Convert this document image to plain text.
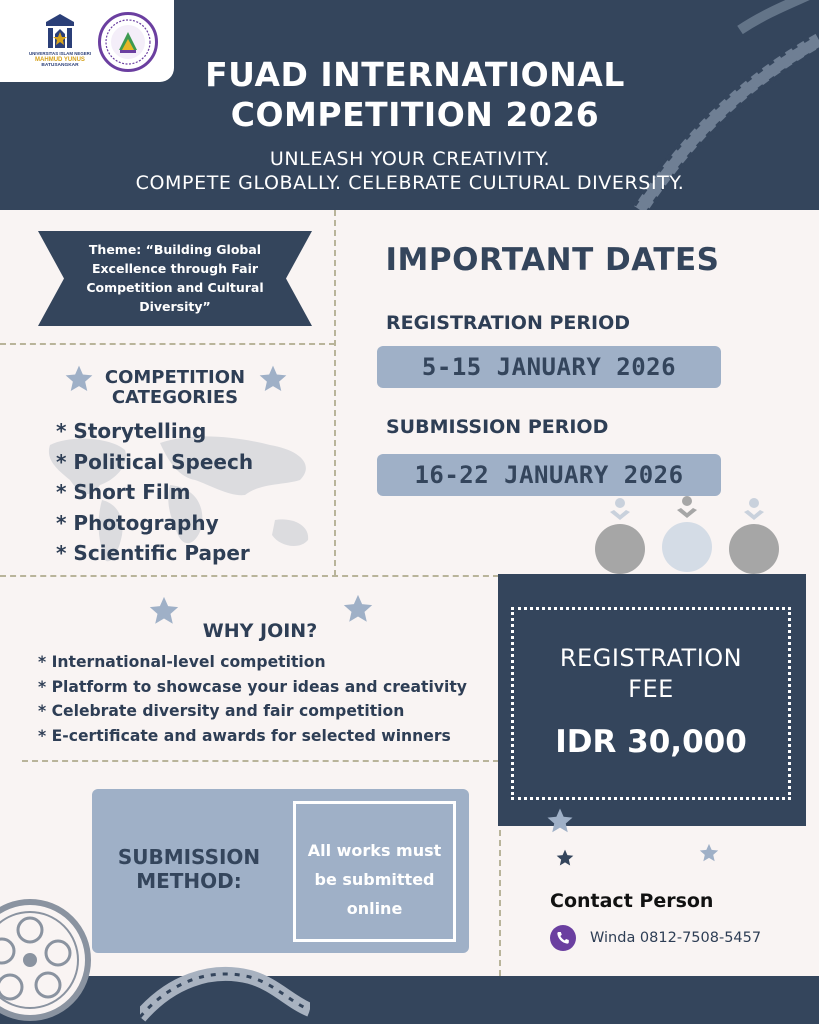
UNIVERSITAS ISLAM NEGERI
MAHMUD YUNUS
BATUSANGKAR	FUAD INTERNATIONAL
COMPETITION 2026
UNLEASH YOUR CREATIVITY.
COMPETE GLOBALLY. CELEBRATE CULTURAL DIVERSITY.
Theme: “Building Global Excellence through Fair Competition and Cultural Diversity”
COMPETITION
CATEGORIES
* Storytelling
* Political Speech
* Short Film
* Photography
* Scientific Paper
IMPORTANT DATES
REGISTRATION PERIOD
5-15 JANUARY 2026
SUBMISSION PERIOD
16-22 JANUARY 2026
WHY JOIN?
* International-level competition
* Platform to showcase your ideas and creativity
* Celebrate diversity and fair competition
* E-certificate and awards for selected winners
REGISTRATION
FEE
IDR 30,000
SUBMISSION
METHOD:
All works must
be submitted
online	Contact Person
Winda 0812-7508-5457
